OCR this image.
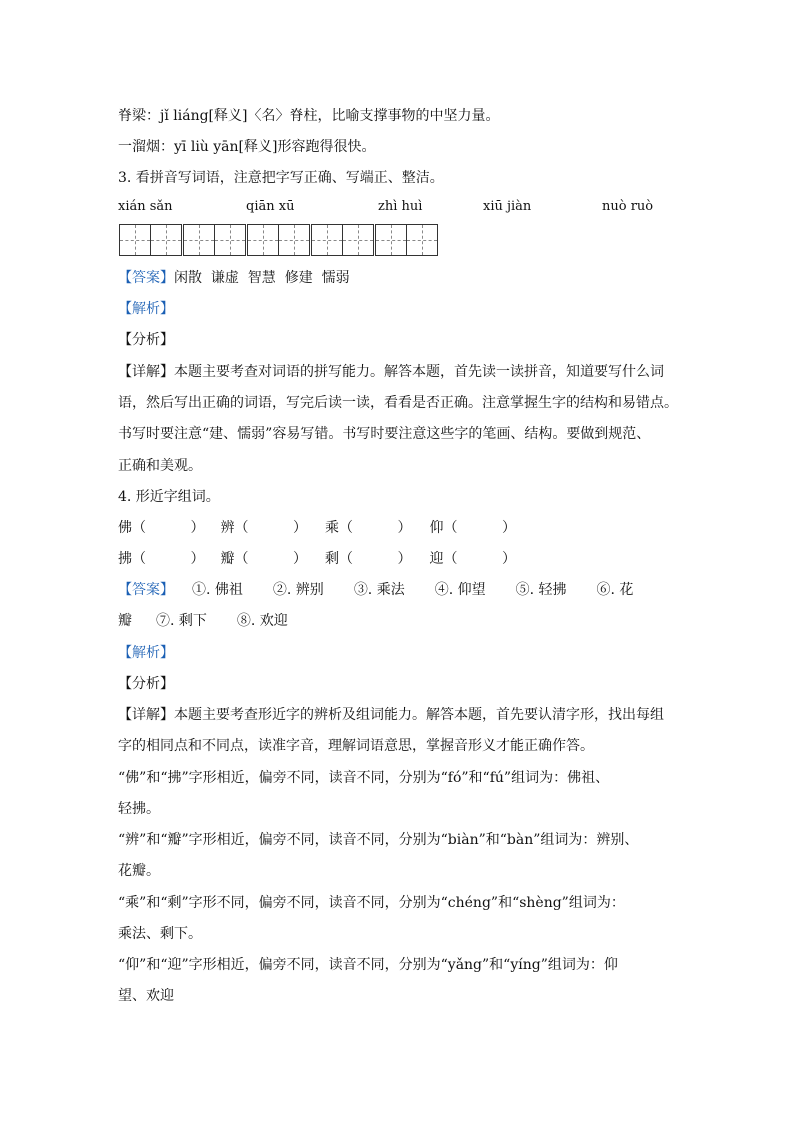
脊梁：jǐ liáng[释义]〈名〉脊柱，比喻支撑事物的中坚力量。
一溜烟：yī liù yān[释义]形容跑得很快。
3. 看拼音写词语，注意把字写正确、写端正、整洁。
xián sǎn	qiān xū	zhì huì	xiū jiàn	nuò ruò
【答案】闲散  谦虚  智慧  修建  懦弱
【解析】
【分析】
【详解】本题主要考查对词语的拼写能力。解答本题，首先读一读拼音，知道要写什么词
语，然后写出正确的词语，写完后读一读，看看是否正确。注意掌握生字的结构和易错点。
书写时要注意“建、懦弱”容易写错。书写时要注意这些字的笔画、结构。要做到规范、
正确和美观。
4. 形近字组词。
佛（          ） 辨（          ） 乘（          ） 仰（          ）
拂（          ） 瓣（          ） 剩（          ） 迎（          ）
【答案】 ①. 佛祖 ②. 辨别 ③. 乘法 ④. 仰望 ⑤. 轻拂 ⑥. 花
瓣 ⑦. 剩下 ⑧. 欢迎
【解析】
【分析】
【详解】本题主要考查形近字的辨析及组词能力。解答本题，首先要认清字形，找出每组
字的相同点和不同点，读准字音，理解词语意思，掌握音形义才能正确作答。
“佛”和“拂”字形相近，偏旁不同，读音不同，分别为“fó”和“fú”组词为：佛祖、
轻拂。
“辨”和“瓣”字形相近，偏旁不同，读音不同，分别为“biàn”和“bàn”组词为：辨别、
花瓣。
“乘”和“剩”字形不同，偏旁不同，读音不同，分别为“chéng”和“shèng”组词为：
乘法、剩下。
“仰”和“迎”字形相近，偏旁不同，读音不同，分别为“yǎng”和“yíng”组词为：仰
望、欢迎
